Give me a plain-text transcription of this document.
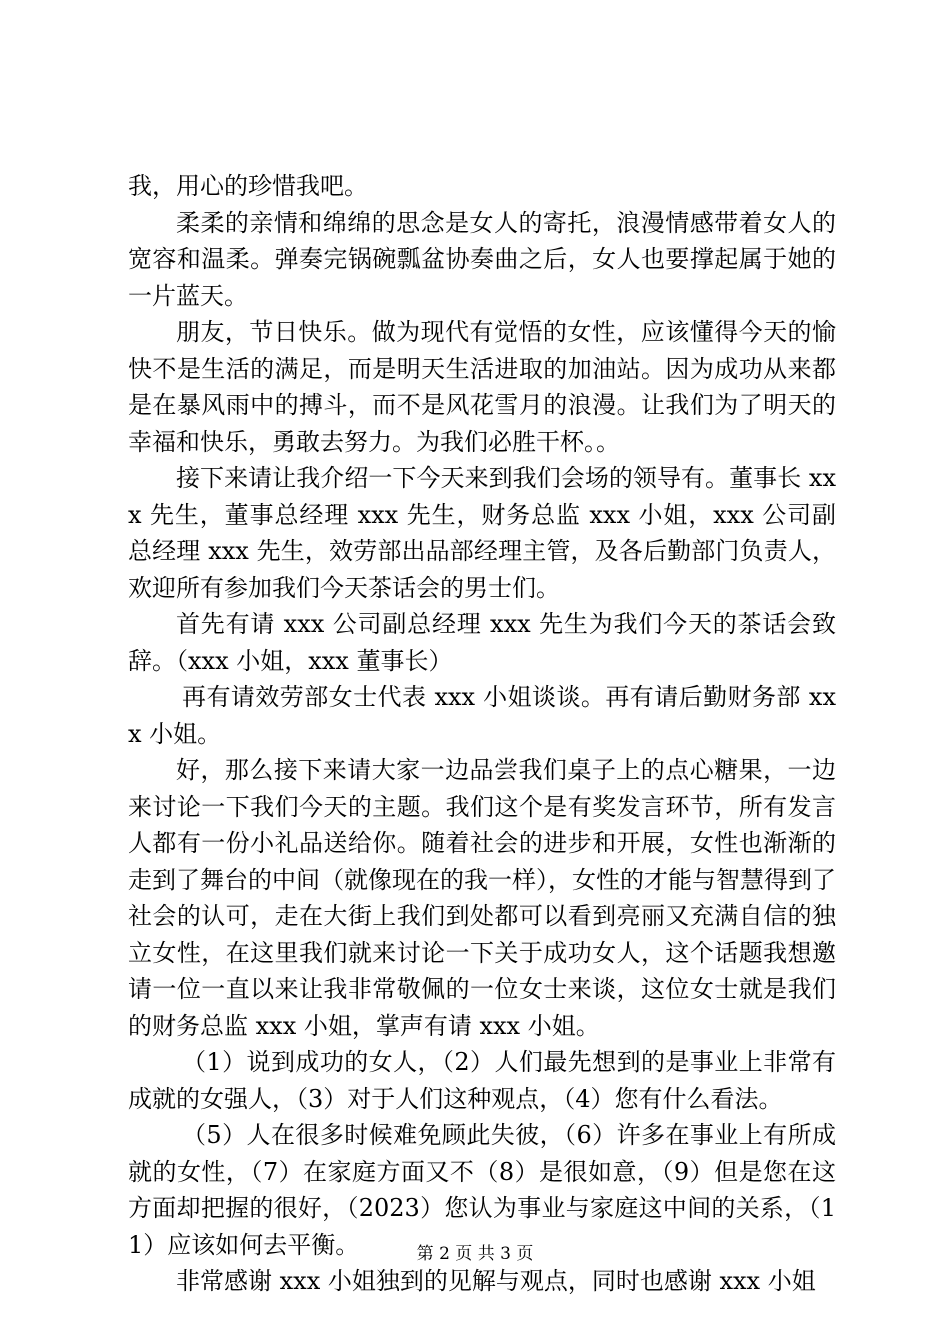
我，用心的珍惜我吧。

柔柔的亲情和绵绵的思念是女人的寄托，浪漫情感带着女人的宽容和温柔。弹奏完锅碗瓢盆协奏曲之后，女人也要撑起属于她的一片蓝天。

朋友，节日快乐。做为现代有觉悟的女性，应该懂得今天的愉快不是生活的满足，而是明天生活进取的加油站。因为成功从来都是在暴风雨中的搏斗，而不是风花雪月的浪漫。让我们为了明天的幸福和快乐，勇敢去努力。为我们必胜干杯。。

接下来请让我介绍一下今天来到我们会场的领导有。董事长 xxx 先生，董事总经理 xxx 先生，财务总监 xxx 小姐，xxx 公司副总经理 xxx 先生，效劳部出品部经理主管，及各后勤部门负责人，欢迎所有参加我们今天茶话会的男士们。

首先有请 xxx 公司副总经理 xxx 先生为我们今天的茶话会致辞。（xxx 小姐，xxx 董事长）

再有请效劳部女士代表 xxx 小姐谈谈。再有请后勤财务部 xxx 小姐。

好，那么接下来请大家一边品尝我们桌子上的点心糖果，一边来讨论一下我们今天的主题。我们这个是有奖发言环节，所有发言人都有一份小礼品送给你。随着社会的进步和开展，女性也渐渐的走到了舞台的中间（就像现在的我一样），女性的才能与智慧得到了社会的认可，走在大街上我们到处都可以看到亮丽又充满自信的独立女性，在这里我们就来讨论一下关于成功女人，这个话题我想邀请一位一直以来让我非常敬佩的一位女士来谈，这位女士就是我们的财务总监 xxx 小姐，掌声有请 xxx 小姐。

（1）说到成功的女人，（2）人们最先想到的是事业上非常有成就的女强人，（3）对于人们这种观点，（4）您有什么看法。

（5）人在很多时候难免顾此失彼，（6）许多在事业上有所成就的女性，（7）在家庭方面又不（8）是很如意，（9）但是您在这方面却把握的很好，（2023）您认为事业与家庭这中间的关系，（11）应该如何去平衡。

非常感谢 xxx 小姐独到的见解与观点，同时也感谢 xxx 小姐

第 2 页 共 3 页
